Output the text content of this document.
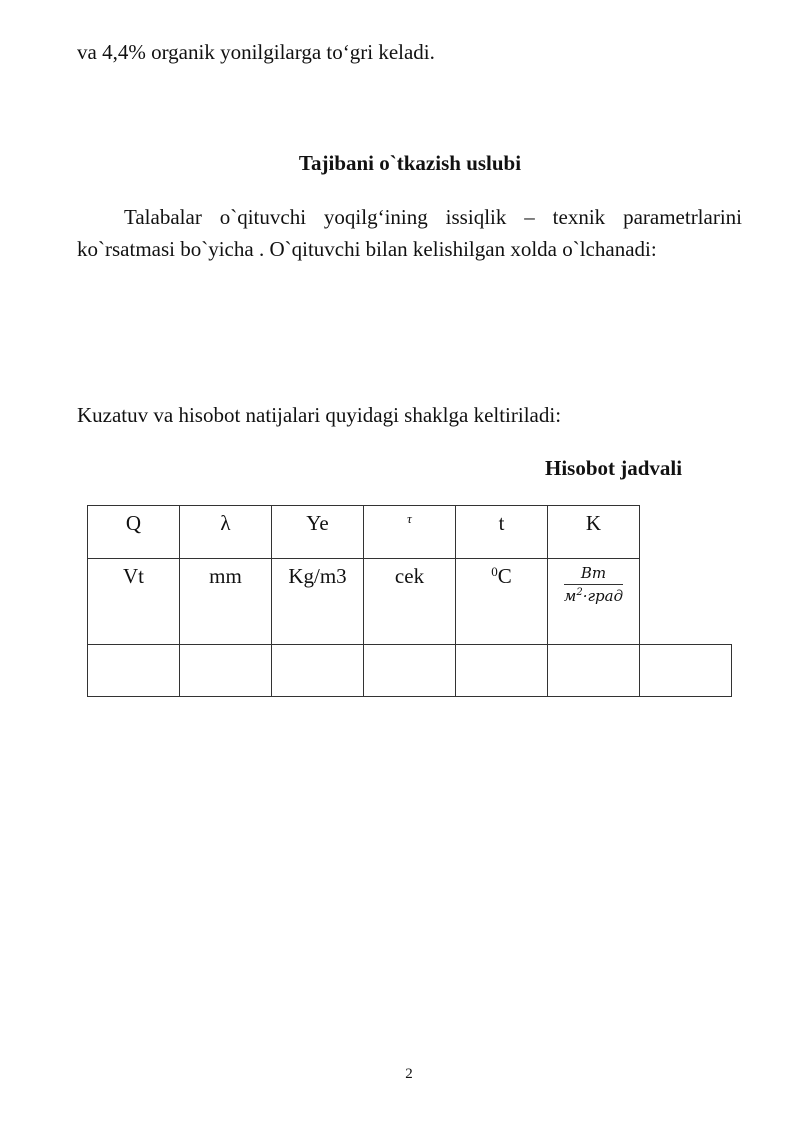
va 4,4% organik yonilgilarga to‘gri keladi.
Tajibani o`tkazish uslubi
Talabalar o`qituvchi yoqilg‘ining issiqlik – texnik parametrlarini ko`rsatmasi bo`yicha . O`qituvchi bilan kelishilgan xolda o`lchanadi:
Kuzatuv va hisobot natijalari quyidagi shaklga keltiriladi:
Hisobot jadvali
Q	λ	Ye	τ	t	K
Vt	mm	Kg/m3	cek	$^0$C	$\frac{Вт}{м^2\cdot град}$
2
